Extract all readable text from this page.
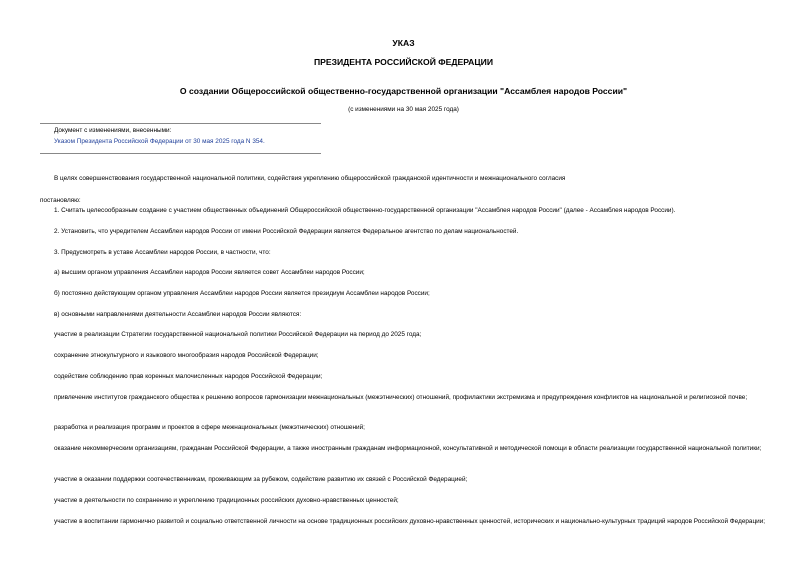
УКАЗ
ПРЕЗИДЕНТА РОССИЙСКОЙ ФЕДЕРАЦИИ
О создании Общероссийской общественно-государственной организации "Ассамблея народов России"
(с изменениями на 30 мая 2025 года)
Документ с изменениями, внесенными:
Указом Президента Российской Федерации от 30 мая 2025 года N 354.
В целях совершенствования государственной национальной политики, содействия укреплению общероссийской гражданской идентичности и межнационального согласия
постановляю:
1. Считать целесообразным создание с участием общественных объединений Общероссийской общественно-государственной организации "Ассамблея народов России" (далее - Ассамблея народов России).
2. Установить, что учредителем Ассамблеи народов России от имени Российской Федерации является Федеральное агентство по делам национальностей.
3. Предусмотреть в уставе Ассамблеи народов России, в частности, что:
а) высшим органом управления Ассамблеи народов России является совет Ассамблеи народов России;
б) постоянно действующим органом управления Ассамблеи народов России является президиум Ассамблеи народов России;
в) основными направлениями деятельности Ассамблеи народов России являются:
участие в реализации Стратегии государственной национальной политики Российской Федерации на период до 2025 года;
сохранение этнокультурного и языкового многообразия народов Российской Федерации;
содействие соблюдению прав коренных малочисленных народов Российской Федерации;
привлечение институтов гражданского общества к решению вопросов гармонизации межнациональных (межэтнических) отношений, профилактики экстремизма и предупреждения конфликтов на национальной и религиозной почве;
разработка и реализация программ и проектов в сфере межнациональных (межэтнических) отношений;
оказание некоммерческим организациям, гражданам Российской Федерации, а также иностранным гражданам информационной, консультативной и методической помощи в области реализации государственной национальной политики;
участие в оказании поддержки соотечественникам, проживающим за рубежом, содействие развитию их связей с Российской Федерацией;
участие в деятельности по сохранению и укреплению традиционных российских духовно-нравственных ценностей;
участие в воспитании гармонично развитой и социально ответственной личности на основе традиционных российских духовно-нравственных ценностей, исторических и национально-культурных традиций народов Российской Федерации;
